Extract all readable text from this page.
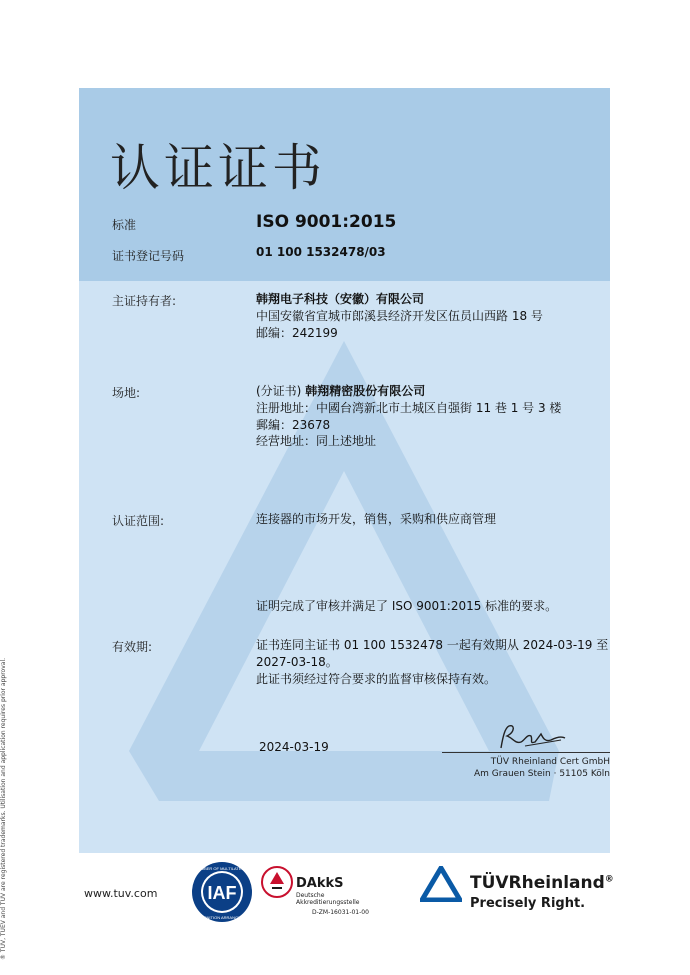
认证证书
标准	ISO 9001:2015
证书登记号码	01 100 1532478/03
主证持有者:	韩翔电子科技（安徽）有限公司
中国安徽省宣城市郎溪县经济开发区伍员山西路 18 号
邮编：242199
场地:	(分证书) 韩翔精密股份有限公司
注册地址：中國台湾新北市土城区自强街 11 巷 1 号 3 楼
郵編：23678
经营地址：同上述地址
认证范围:	连接器的市场开发，销售，采购和供应商管理
证明完成了审核并满足了 ISO 9001:2015 标准的要求。
有效期:	证书连同主证书 01 100 1532478 一起有效期从 2024-03-19 至
2027-03-18。
此证书须经过符合要求的监督审核保持有效。
2024-03-19
TÜV Rheinland Cert GmbH
Am Grauen Stein · 51105 Köln
® TÜV, TUEV and TUV are registered trademarks. Utilisation and application requires prior approval.	www.tuv.com	IAF
MEMBER OF MULTILATERAL
RECOGNITION ARRANGEMENT
DAkkS
Deutsche
Akkreditierungsstelle
D-ZM-16031-01-00
TÜVRheinland®
Precisely Right.
